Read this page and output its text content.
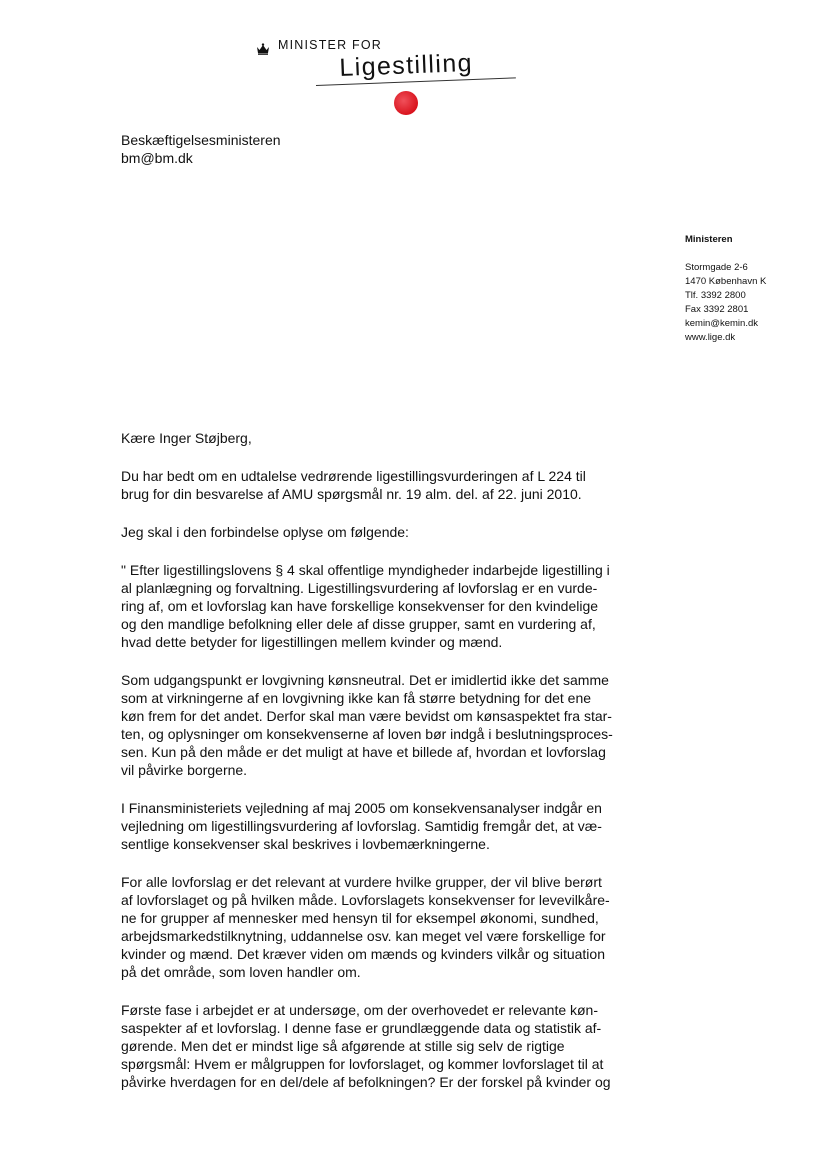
MINISTER FOR
Ligestilling
Beskæftigelsesministeren
bm@bm.dk
Ministeren
Stormgade 2-6
1470 København K
Tlf. 3392 2800
Fax 3392 2801
kemin@kemin.dk
www.lige.dk

Kære Inger Støjberg,

Du har bedt om en udtalelse vedrørende ligestillingsvurderingen af L 224 til
brug for din besvarelse af AMU spørgsmål nr. 19 alm. del. af 22. juni 2010.

Jeg skal i den forbindelse oplyse om følgende:

" Efter ligestillingslovens § 4 skal offentlige myndigheder indarbejde ligestilling i
al planlægning og forvaltning. Ligestillingsvurdering af lovforslag er en vurde-
ring af, om et lovforslag kan have forskellige konsekvenser for den kvindelige
og den mandlige befolkning eller dele af disse grupper, samt en vurdering af,
hvad dette betyder for ligestillingen mellem kvinder og mænd.

Som udgangspunkt er lovgivning kønsneutral. Det er imidlertid ikke det samme
som at virkningerne af en lovgivning ikke kan få større betydning for det ene
køn frem for det andet. Derfor skal man være bevidst om kønsaspektet fra star-
ten, og oplysninger om konsekvenserne af loven bør indgå i beslutningsproces-
sen. Kun på den måde er det muligt at have et billede af, hvordan et lovforslag
vil påvirke borgerne.

I Finansministeriets vejledning af maj 2005 om konsekvensanalyser indgår en
vejledning om ligestillingsvurdering af lovforslag. Samtidig fremgår det, at væ-
sentlige konsekvenser skal beskrives i lovbemærkningerne.

For alle lovforslag er det relevant at vurdere hvilke grupper, der vil blive berørt
af lovforslaget og på hvilken måde. Lovforslagets konsekvenser for levevilkåre-
ne for grupper af mennesker med hensyn til for eksempel økonomi, sundhed,
arbejdsmarkedstilknytning, uddannelse osv. kan meget vel være forskellige for
kvinder og mænd. Det kræver viden om mænds og kvinders vilkår og situation
på det område, som loven handler om.

Første fase i arbejdet er at undersøge, om der overhovedet er relevante køn-
saspekter af et lovforslag. I denne fase er grundlæggende data og statistik af-
gørende. Men det er mindst lige så afgørende at stille sig selv de rigtige
spørgsmål: Hvem er målgruppen for lovforslaget, og kommer lovforslaget til at
påvirke hverdagen for en del/dele af befolkningen? Er der forskel på kvinder og
